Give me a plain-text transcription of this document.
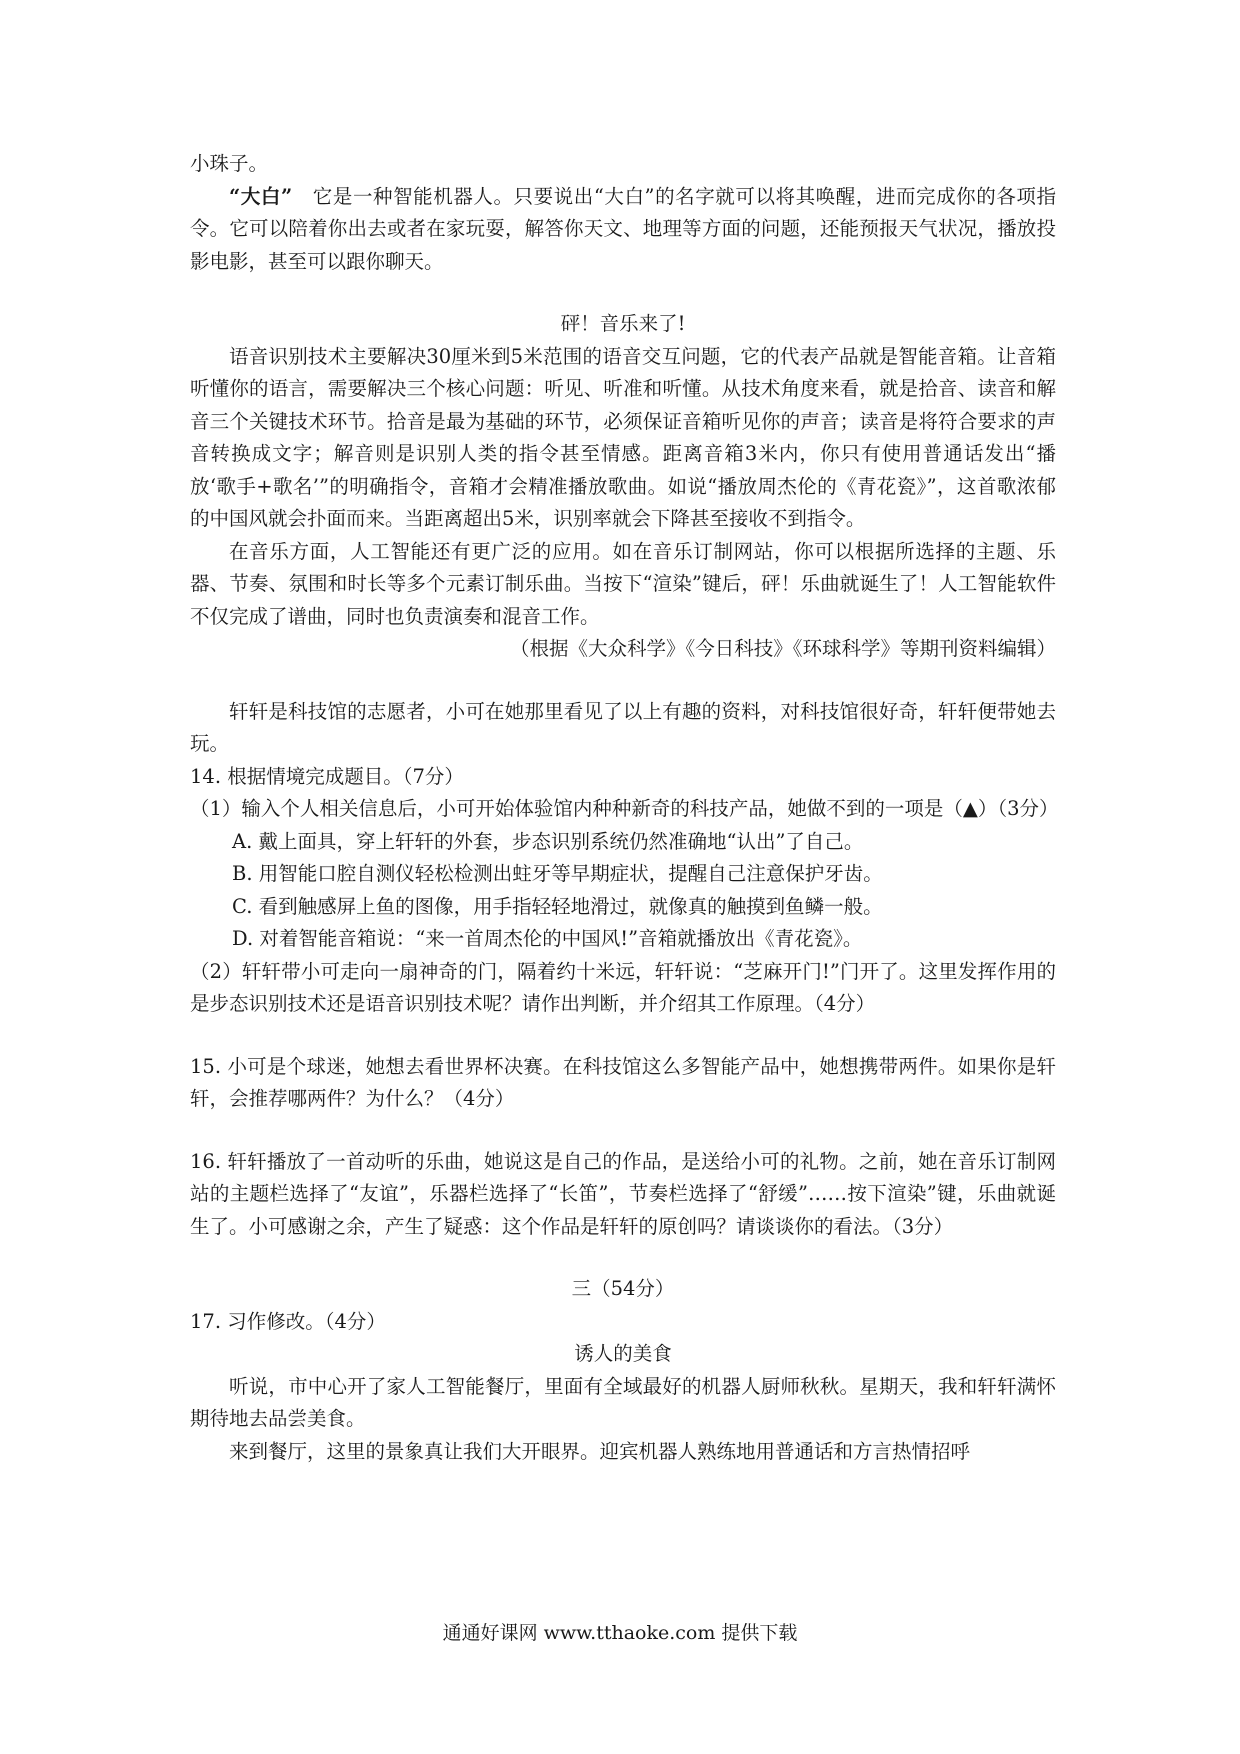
小珠子。

“大白”　它是一种智能机器人。只要说出“大白”的名字就可以将其唤醒，进而完成你的各项指令。它可以陪着你出去或者在家玩耍，解答你天文、地理等方面的问题，还能预报天气状况，播放投影电影，甚至可以跟你聊天。

砰！音乐来了!

语音识别技术主要解决30厘米到5米范围的语音交互问题，它的代表产品就是智能音箱。让音箱听懂你的语言，需要解决三个核心问题：听见、听准和听懂。从技术角度来看，就是拾音、读音和解音三个关键技术环节。拾音是最为基础的环节，必须保证音箱听见你的声音；读音是将符合要求的声音转换成文字；解音则是识别人类的指令甚至情感。距离音箱3米内，你只有使用普通话发出“播放‘歌手+歌名’”的明确指令，音箱才会精准播放歌曲。如说“播放周杰伦的《青花瓷》”，这首歌浓郁的中国风就会扑面而来。当距离超出5米，识别率就会下降甚至接收不到指令。

在音乐方面，人工智能还有更广泛的应用。如在音乐订制网站，你可以根据所选择的主题、乐器、节奏、氛围和时长等多个元素订制乐曲。当按下“渲染”键后，砰！乐曲就诞生了！人工智能软件不仅完成了谱曲，同时也负责演奏和混音工作。

（根据《大众科学》《今日科技》《环球科学》等期刊资料编辑）

轩轩是科技馆的志愿者，小可在她那里看见了以上有趣的资料，对科技馆很好奇，轩轩便带她去玩。

14. 根据情境完成题目。（7分）

（1）输入个人相关信息后，小可开始体验馆内种种新奇的科技产品，她做不到的一项是（▲）（3分）

A. 戴上面具，穿上轩轩的外套，步态识别系统仍然准确地“认出”了自己。

B. 用智能口腔自测仪轻松检测出蛀牙等早期症状，提醒自己注意保护牙齿。

C. 看到触感屏上鱼的图像，用手指轻轻地滑过，就像真的触摸到鱼鳞一般。

D. 对着智能音箱说：“来一首周杰伦的中国风!”音箱就播放出《青花瓷》。

（2）轩轩带小可走向一扇神奇的门，隔着约十米远，轩轩说：“芝麻开门!”门开了。这里发挥作用的是步态识别技术还是语音识别技术呢？请作出判断，并介绍其工作原理。（4分）

15. 小可是个球迷，她想去看世界杯决赛。在科技馆这么多智能产品中，她想携带两件。如果你是轩轩，会推荐哪两件？为什么？（4分）

16. 轩轩播放了一首动听的乐曲，她说这是自己的作品，是送给小可的礼物。之前，她在音乐订制网站的主题栏选择了“友谊”，乐器栏选择了“长笛”，节奏栏选择了“舒缓”……按下渲染”键，乐曲就诞生了。小可感谢之余，产生了疑惑：这个作品是轩轩的原创吗？请谈谈你的看法。（3分）

三（54分）

17. 习作修改。（4分）

诱人的美食

听说，市中心开了家人工智能餐厅，里面有全域最好的机器人厨师秋秋。星期天，我和轩轩满怀期待地去品尝美食。

来到餐厅，这里的景象真让我们大开眼界。迎宾机器人熟练地用普通话和方言热情招呼

通通好课网 www.tthaoke.com 提供下载
